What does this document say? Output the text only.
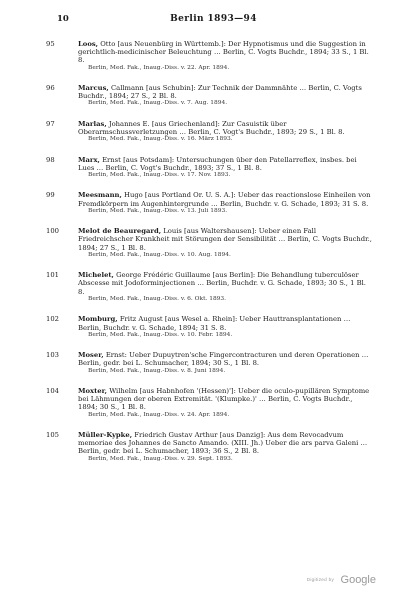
10	Berlin 1893—94
95	Loos, Otto [aus Neuenbürg in Württemb.]: Der Hypnotismus und die Suggestion in gerichtlich-medicinischer Beleuchtung … Berlin, C. Vogts Buchdr., 1894; 33 S., 1 Bl. 8.
Berlin, Med. Fak., Inaug.-Diss. v. 22. Apr. 1894.
96	Marcus, Callmann [aus Schubin]: Zur Technik der Dammnähte … Berlin, C. Vogts Buchdr., 1894; 27 S., 2 Bl. 8.
Berlin, Med. Fak., Inaug.-Diss. v. 7. Aug. 1894.
97	Marlas, Johannes E. [aus Griechenland]: Zur Casuistik über Oberarmschussverletzungen … Berlin, C. Vogt's Buchdr., 1893; 29 S., 1 Bl. 8.
Berlin, Med. Fak., Inaug.-Diss. v. 16. März 1893.
98	Marx, Ernst [aus Potsdam]: Untersuchungen über den Patellarreflex, insbes. bei Lues … Berlin, C. Vogt's Buchdr., 1893; 37 S., 1 Bl. 8.
Berlin, Med. Fak., Inaug.-Diss. v. 17. Nov. 1893.
99	Meesmann, Hugo [aus Portland Or. U. S. A.]: Ueber das reactionslose Einheilen von Fremdkörpern im Augenhintergrunde … Berlin, Buchdr. v. G. Schade, 1893; 31 S. 8.
Berlin, Med. Fak., Inaug.-Diss. v. 13. Juli 1893.
100	Melot de Beauregard, Louis [aus Waltershausen]: Ueber einen Fall Friedreichscher Krankheit mit Störungen der Sensibilität … Berlin, C. Vogts Buchdr., 1894; 27 S., 1 Bl. 8.
Berlin, Med. Fak., Inaug.-Diss. v. 10. Aug. 1894.
101	Michelet, George Frédéric Guillaume [aus Berlin]: Die Behandlung tuberculöser Abscesse mit Jodoforminjectionen … Berlin, Buchdr. v. G. Schade, 1893; 30 S., 1 Bl. 8.
Berlin, Med. Fak., Inaug.-Diss. v. 6. Okt. 1893.
102	Momburg, Fritz August [aus Wesel a. Rhein]: Ueber Hauttransplantationen … Berlin, Buchdr. v. G. Schade, 1894; 31 S. 8.
Berlin, Med. Fak., Inaug.-Diss. v. 10. Febr. 1894.
103	Moser, Ernst: Ueber Dupuytren'sche Fingercontracturen und deren Operationen … Berlin, gedr. bei L. Schumacher, 1894; 30 S., 1 Bl. 8.
Berlin, Med. Fak., Inaug.-Diss. v. 8. Juni 1894.
104	Moxter, Wilhelm [aus Habnhofen '(Hessen)']: Ueber die oculo-pupillären Symptome bei Lähmungen der oberen Extremität. '(Klumpke.)' … Berlin, C. Vogts Buchdr., 1894; 30 S., 1 Bl. 8.
Berlin, Med. Fak., Inaug.-Diss. v. 24. Apr. 1894.
105	Müller-Kypke, Friedrich Gustav Arthur [aus Danzig]: Aus dem Revocadvum memoriae des Johannes de Sancto Amando. (XIII. Jh.) Ueber die ars parva Galeni … Berlin, gedr. bei L. Schumacher, 1893; 36 S., 2 Bl. 8.
Berlin, Med. Fak., Inaug.-Diss. v. 29. Sept. 1893.
Digitized by Google
